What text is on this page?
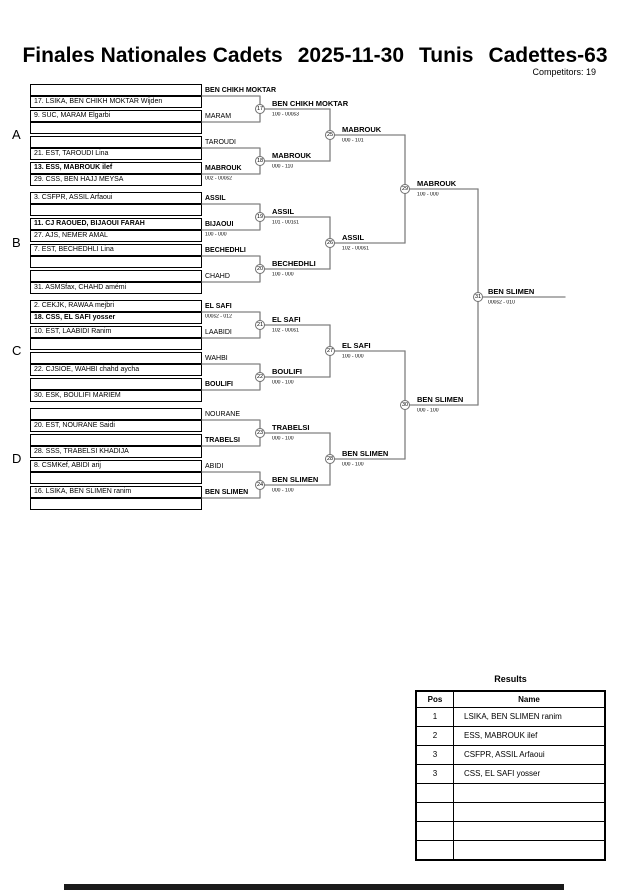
Finales Nationales Cadets 2025-11-30 Tunis Cadettes-63
Competitors: 19
A
B
C
D
17. LSIKA, BEN CHIKH MOKTAR Wijden
9. SUC, MARAM Elgarbi
21. EST, TAROUDI Lina
13. ESS, MABROUK ilef
29. CSS, BEN HAJJ MEYSA
3. CSFPR, ASSIL Arfaoui
11. CJ RAOUED, BIJAOUI FARAH
27. AJS, NEMER AMAL
7. EST, BECHEDHLI Lina
31. ASMSfax, CHAHD amémi
2. CEKJK, RAWAA mejbri
18. CSS, EL SAFI yosser
10. EST, LAABIDI Ranim
22. CJSIOE, WAHBI chahd aycha
30. ESK, BOULIFI MARIEM
20. EST, NOURANE Saidi
28. SSS, TRABELSI KHADIJA
8. CSMKef, ABIDI arij
16. LSIKA, BEN SLIMEN ranim
BEN CHIKH MOKTAR
MARAM
TAROUDI
MABROUK
002 - 000s2
ASSIL
BIJAOUI
100 - 000
BECHEDHLI
CHAHD
EL SAFI
000s2 - 012
LAABIDI
WAHBI
BOULIFI
NOURANE
TRABELSI
ABIDI
BEN SLIMEN
17
BEN CHIKH MOKTAR
100 - 000s3
18
MABROUK
000 - 110
19
ASSIL
101 - 001s1
20
BECHEDHLI
100 - 000
21
EL SAFI
102 - 000s1
22
BOULIFI
000 - 100
23
TRABELSI
000 - 100
24
BEN SLIMEN
000 - 100
25
MABROUK
000 - 101
26
ASSIL
102 - 000s1
27
EL SAFI
100 - 000
28
BEN SLIMEN
000 - 100
29
MABROUK
100 - 000
30
BEN SLIMEN
000 - 100
31
BEN SLIMEN
000s2 - 010
Results
Pos	Name
1	LSIKA, BEN SLIMEN ranim
2	ESS, MABROUK ilef
3	CSFPR, ASSIL Arfaoui
3	CSS, EL SAFI yosser
